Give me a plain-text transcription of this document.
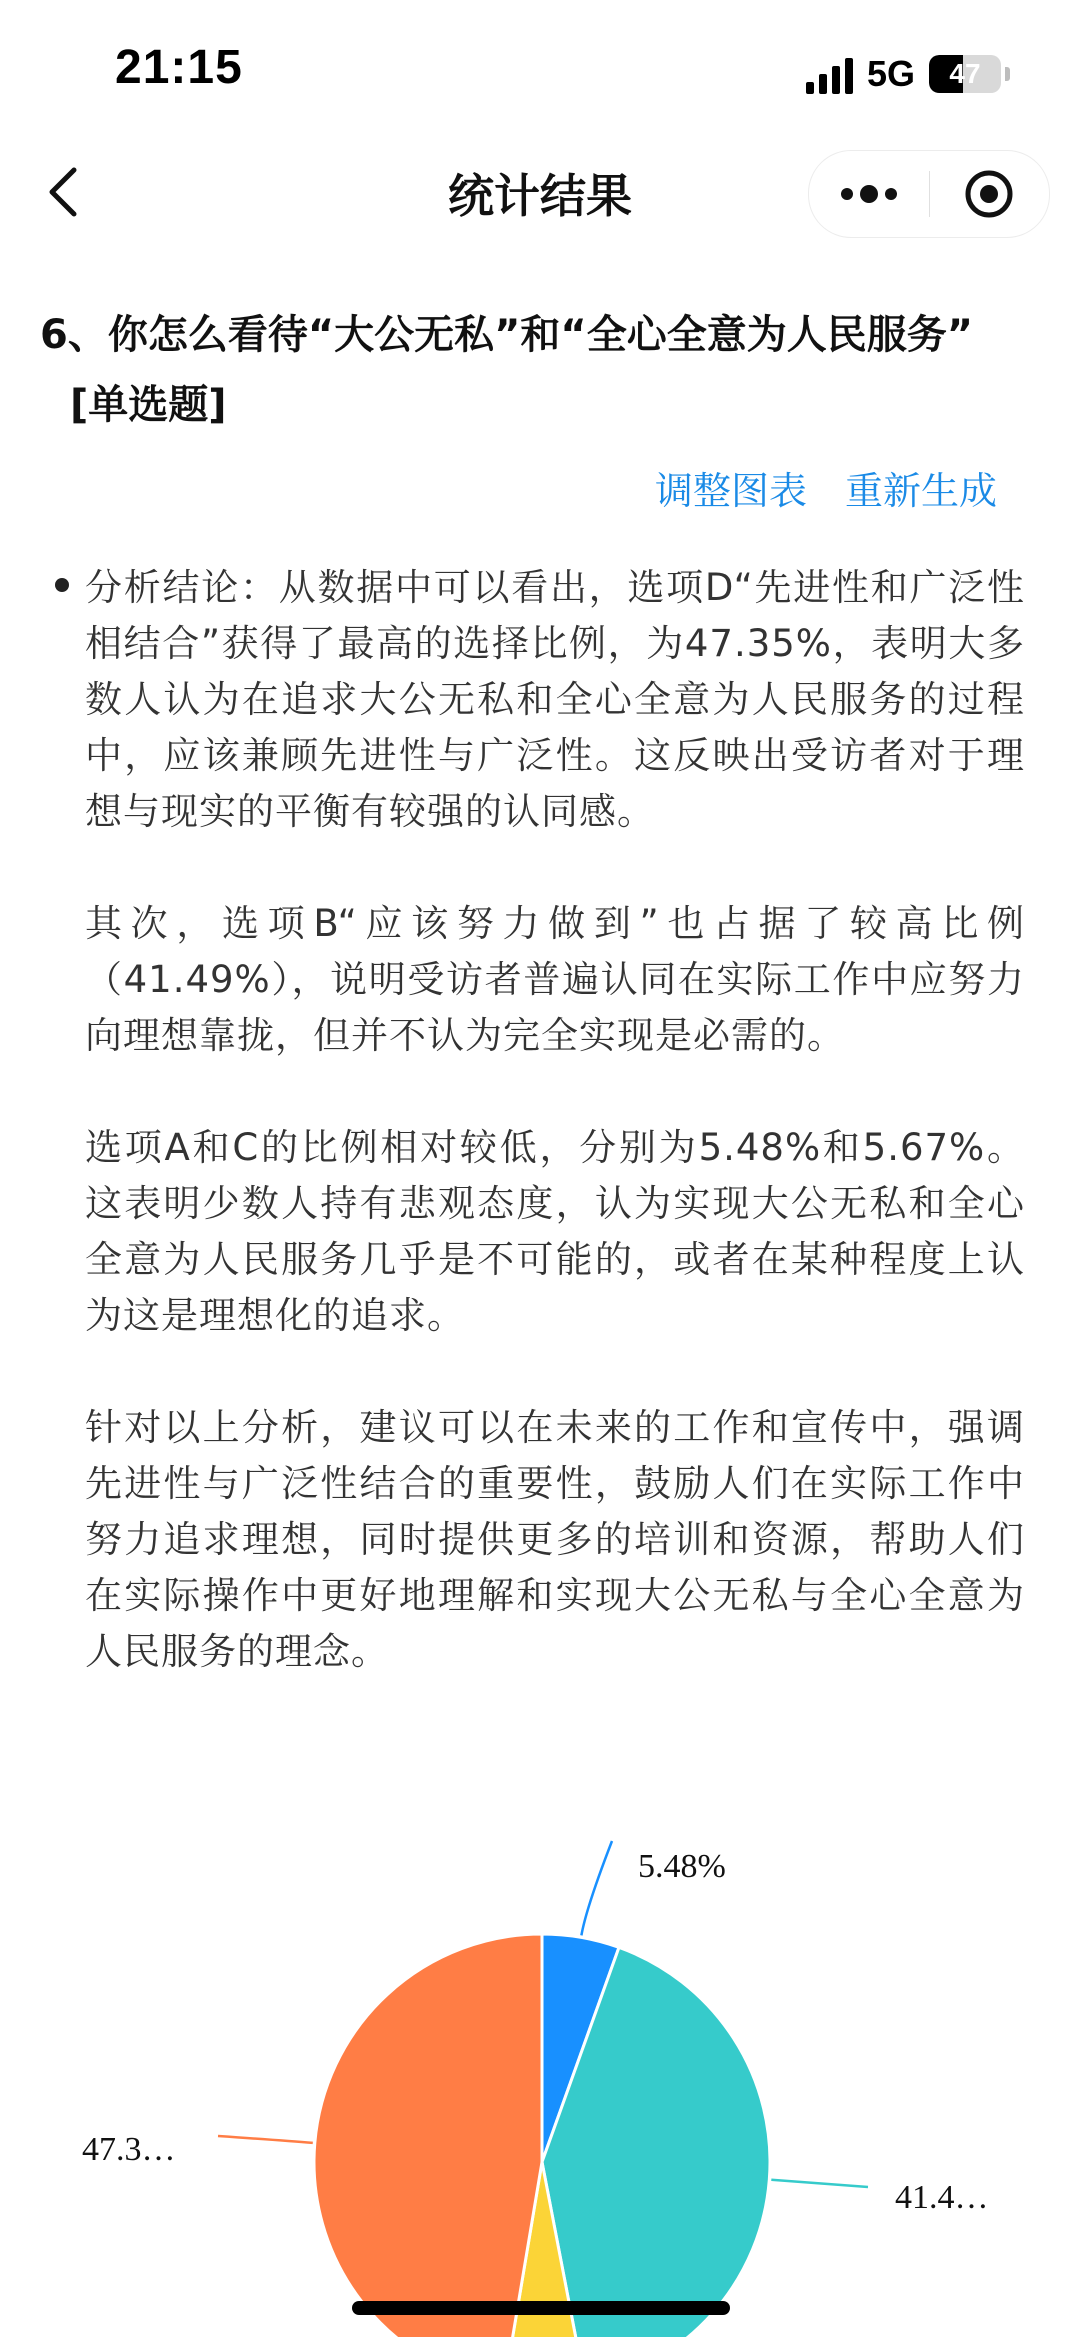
21:15	5G	47
统计结果
6、你怎么看待“大公无私”和“全心全意为人民服务”
[单选题]
调整图表 重新生成
分析结论：从数据中可以看出，选项D“先进性和广泛性相结合”获得了最高的选择比例，为47.35%，表明大多数人认为在追求大公无私和全心全意为人民服务的过程中，应该兼顾先进性与广泛性。这反映出受访者对于理想与现实的平衡有较强的认同感。
其次，选项B“应该努力做到”也占据了较高比例（41.49%），说明受访者普遍认同在实际工作中应努力向理想靠拢，但并不认为完全实现是必需的。
选项A和C的比例相对较低，分别为5.48%和5.67%。这表明少数人持有悲观态度，认为实现大公无私和全心全意为人民服务几乎是不可能的，或者在某种程度上认为这是理想化的追求。
针对以上分析，建议可以在未来的工作和宣传中，强调先进性与广泛性结合的重要性，鼓励人们在实际工作中努力追求理想，同时提供更多的培训和资源，帮助人们在实际操作中更好地理解和实现大公无私与全心全意为人民服务的理念。
5.48%
41.4…
47.3…
